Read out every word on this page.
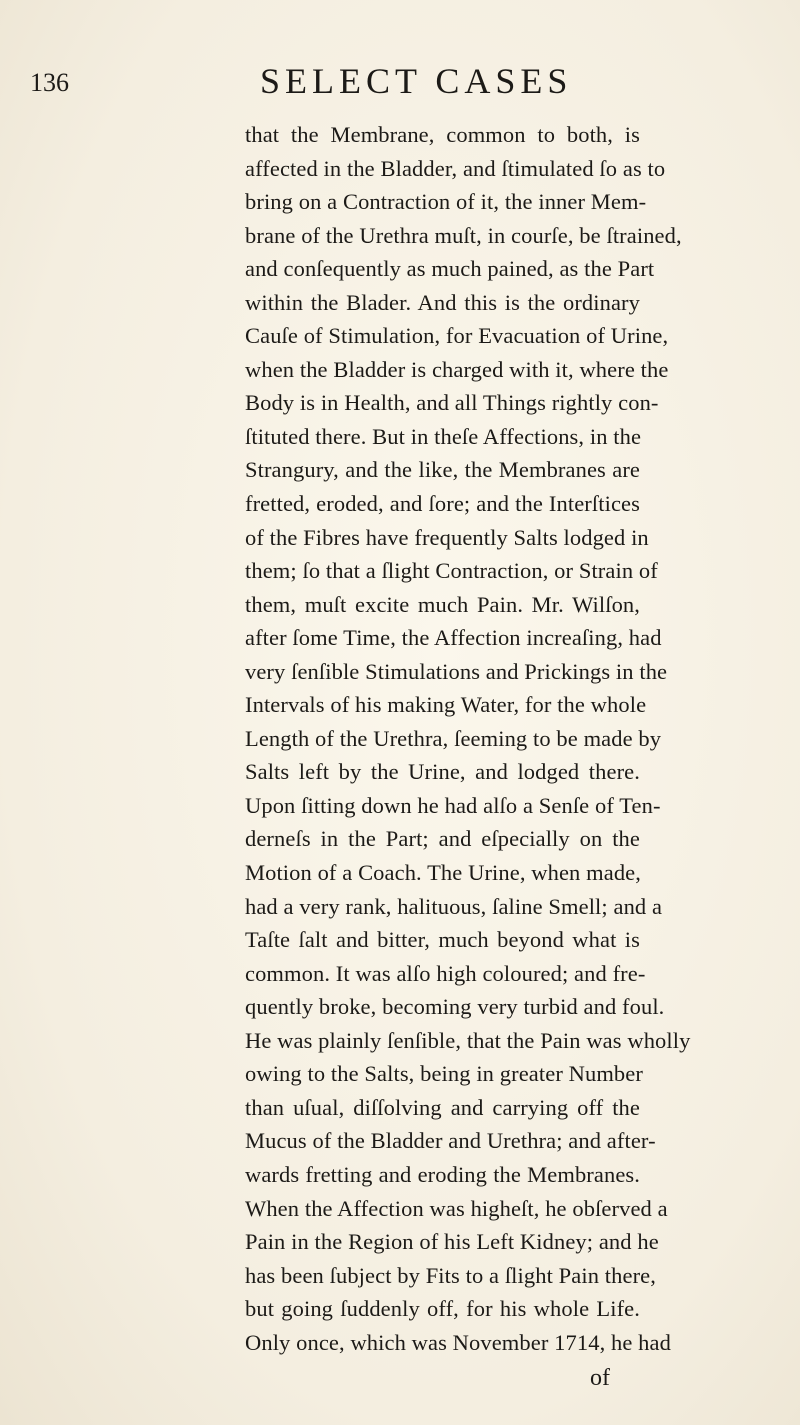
136	SELECT CASES
that the Membrane, common to both, is
affected in the Bladder, and ſtimulated ſo as to
bring on a Contraction of it, the inner Mem-
brane of the Urethra muſt, in courſe, be ſtrained,
and conſequently as much pained, as the Part
within the Blader. And this is the ordinary
Cauſe of Stimulation, for Evacuation of Urine,
when the Bladder is charged with it, where the
Body is in Health, and all Things rightly con-
ſtituted there. But in theſe Affections, in the
Strangury, and the like, the Membranes are
fretted, eroded, and ſore; and the Interſtices
of the Fibres have frequently Salts lodged in
them; ſo that a ſlight Contraction, or Strain of
them, muſt excite much Pain. Mr. Wilſon,
after ſome Time, the Affection increaſing, had
very ſenſible Stimulations and Prickings in the
Intervals of his making Water, for the whole
Length of the Urethra, ſeeming to be made by
Salts left by the Urine, and lodged there.
Upon ſitting down he had alſo a Senſe of Ten-
derneſs in the Part; and eſpecially on the
Motion of a Coach. The Urine, when made,
had a very rank, halituous, ſaline Smell; and a
Taſte ſalt and bitter, much beyond what is
common. It was alſo high coloured; and fre-
quently broke, becoming very turbid and foul.
He was plainly ſenſible, that the Pain was wholly
owing to the Salts, being in greater Number
than uſual, diſſolving and carrying off the
Mucus of the Bladder and Urethra; and after-
wards fretting and eroding the Membranes.
When the Affection was higheſt, he obſerved a
Pain in the Region of his Left Kidney; and he
has been ſubject by Fits to a ſlight Pain there,
but going ſuddenly off, for his whole Life.
Only once, which was November 1714, he had
of
